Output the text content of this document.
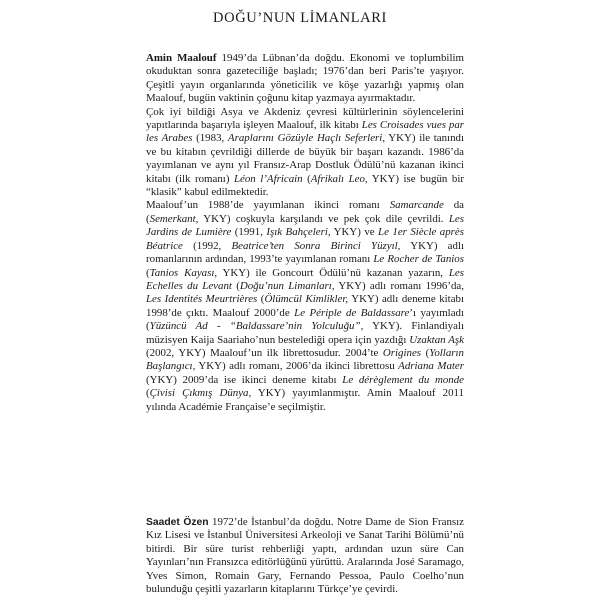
DOĞU’NUN LİMANLARI

Amin Maalouf 1949’da Lübnan’da doğdu. Ekonomi ve toplumbilim okuduktan sonra gazeteciliğe başladı; 1976’dan beri Paris’te yaşıyor. Çeşitli yayın organlarında yöneticilik ve köşe yazarlığı yapmış olan Maalouf, bugün vaktinin çoğunu kitap yazmaya ayırmaktadır.

Çok iyi bildiği Asya ve Akdeniz çevresi kültürlerinin söylencelerini yapıtlarında başarıyla işleyen Maalouf, ilk kitabı Les Croisades vues par les Arabes (1983, Araplarını Gözüyle Haçlı Seferleri, YKY) ile tanındı ve bu kitabın çevrildiği dillerde de büyük bir başarı kazandı. 1986’da yayımlanan ve aynı yıl Fransız-Arap Dostluk Ödülü’nü kazanan ikinci kitabı (ilk romanı) Léon l’Africain (Afrikalı Leo, YKY) ise bugün bir “klasik” kabul edilmektedir.

Maalouf’un 1988’de yayımlanan ikinci romanı Samarcande da (Semerkant, YKY) coşkuyla karşılandı ve pek çok dile çevrildi. Les Jardins de Lumière (1991, Işık Bahçeleri, YKY) ve Le 1er Siècle après Béatrice (1992, Beatrice’ten Sonra Birinci Yüzyıl, YKY) adlı romanlarının ardından, 1993’te yayımlanan romanı Le Rocher de Tanios (Tanios Kayası, YKY) ile Goncourt Ödülü’nü kazanan yazarın, Les Echelles du Levant (Doğu’nun Limanları, YKY) adlı romanı 1996’da, Les Identités Meurtrières (Ölümcül Kimlikler, YKY) adlı deneme kitabı 1998’de çıktı. Maalouf 2000’de Le Périple de Baldassare’ı yayımladı (Yüzüncü Ad - “Baldassare’nin Yolculuğu”, YKY). Finlandiyalı müzisyen Kaija Saariaho’nun bestelediği opera için yazdığı Uzaktan Aşk (2002, YKY) Maalouf’un ilk librettosudur. 2004’te Origines (Yolların Başlangıcı, YKY) adlı romanı, 2006’da ikinci librettosu Adriana Mater (YKY) 2009’da ise ikinci deneme kitabı Le dérèglement du monde (Çivisi Çıkmış Dünya, YKY) yayımlanmıştır. Amin Maalouf 2011 yılında Académie Française’e seçilmiştir.

Saadet Özen 1972’de İstanbul’da doğdu. Notre Dame de Sion Fransız Kız Lisesi ve İstanbul Üniversitesi Arkeoloji ve Sanat Tarihi Bölümü’nü bitirdi. Bir süre turist rehberliği yaptı, ardından uzun süre Can Yayınları’nın Fransızca editörlüğünü yürüttü. Aralarında José Saramago, Yves Simon, Romain Gary, Fernando Pessoa, Paulo Coelho’nun bulunduğu çeşitli yazarların kitaplarını Türkçe’ye çevirdi.
